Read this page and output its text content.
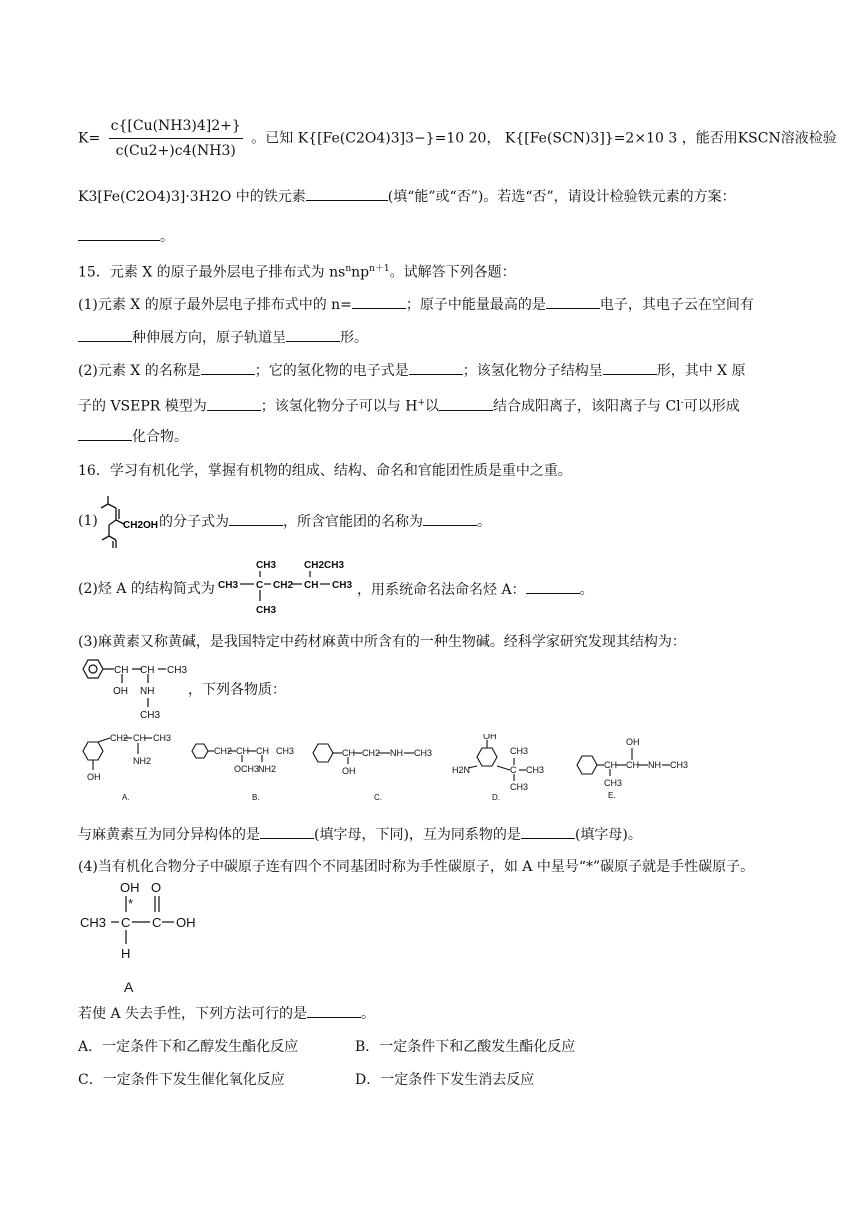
$K= \frac{c\{[Cu(NH3)4]2+\}}{c(Cu2+)c4(NH3)}$ 。已知 K{[Fe(C2O4)3]3−}=10 20， K{[Fe(SCN)3]}=2×10 3 ，能否用KSCN溶液检验
K3[Fe(C2O4)3]·3H2O 中的铁元素	(填“能”或“否”)。若选“否”，请设计检验铁元素的方案：
。
15．元素 X 的原子最外层电子排布式为 $ns^nnp^{n+1}$。试解答下列各题：
(1)元素 X 的原子最外层电子排布式中的 n=	；原子中能量最高的是	电子，其电子云在空间有
种伸展方向，原子轨道呈	形。
(2)元素 X 的名称是	；它的氢化物的电子式是	；该氢化物分子结构呈	形，其中 X 原
子的 VSEPR 模型为	；该氢化物分子可以与 H+以	结合成阳离子，该阳离子与 Cl-可以形成
化合物。
16．学习有机化学，掌握有机物的组成、结构、命名和官能团性质是重中之重。
(1)	CH2OH 的分子式为	，所含官能团的名称为	。
(2)烃 A 的结构简式为
CH3
CH3
CH3
C CH2 CH CH3
CH2CH3
，用系统命名法命名烃 A：	。
(3)麻黄素又称黄碱，是我国特定中药材麻黄中所含有的一种生物碱。经科学家研究发现其结构为：
CH CH CH3
OH NH
CH3
，下列各物质：
CH2 CH CH3
NH2
OH
A.
CH2 CH CH CH3
OCH3
NH2
B.
CH CH2 NH CH3
OH
C.
OH
CH3
H2N	C CH3
CH3
D.
OH
CH CH NH CH3
CH3
E.
与麻黄素互为同分异构体的是	(填字母，下同)，互为同系物的是	(填字母)。
(4)当有机化合物分子中碳原子连有四个不同基团时称为手性碳原子，如 A 中星号“*”碳原子就是手性碳原子。
OH O
CH3 C C OH
H
*
A
若使 A 失去手性，下列方法可行的是	。
A．一定条件下和乙醇发生酯化反应	B．一定条件下和乙酸发生酯化反应
C．一定条件下发生催化氧化反应	D．一定条件下发生消去反应
